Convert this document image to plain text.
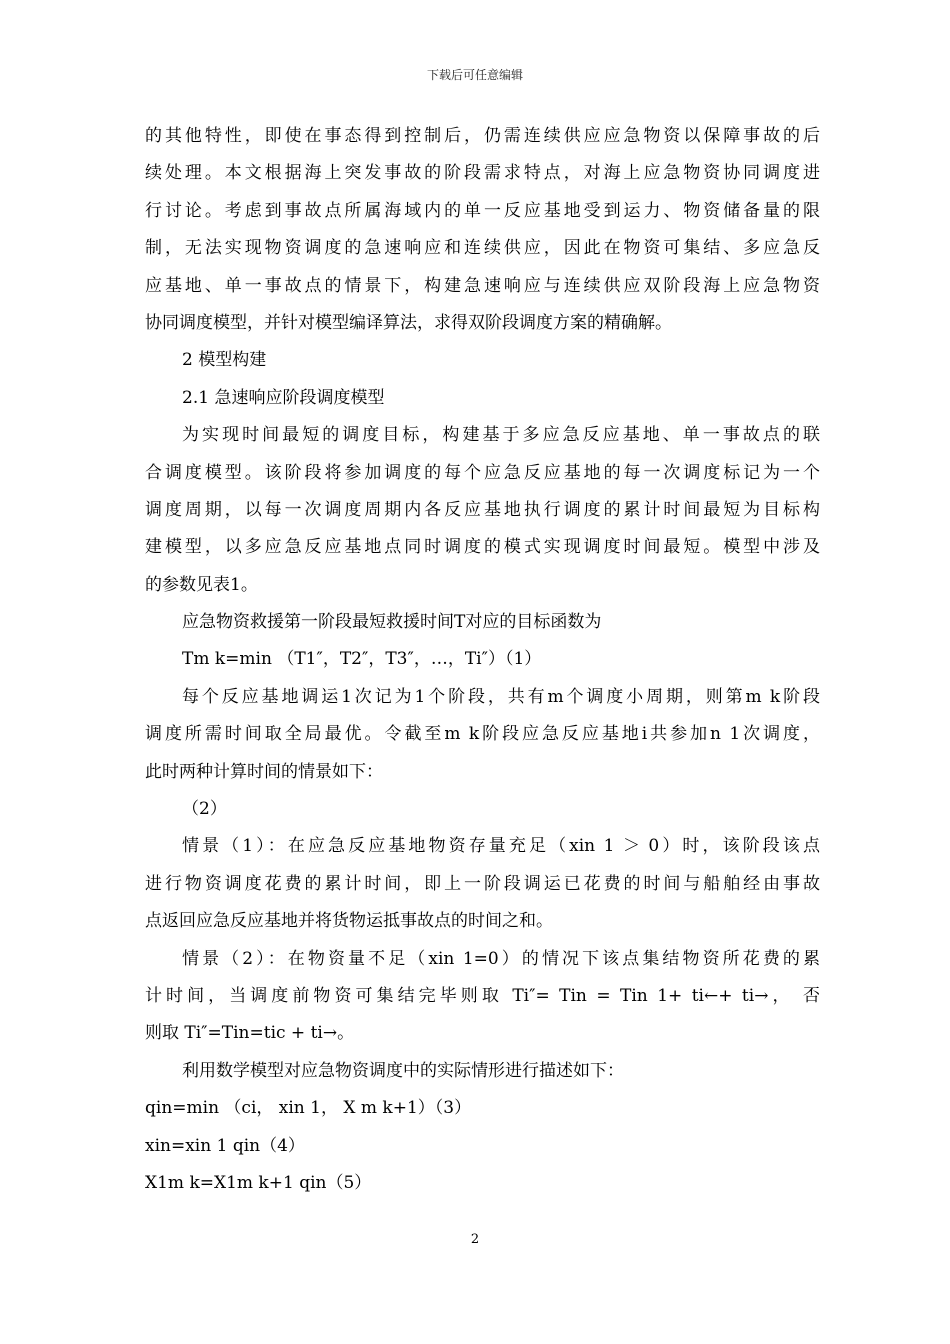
下载后可任意编辑
的其他特性，即使在事态得到控制后，仍需连续供应应急物资以保障事故的后
续处理。本文根据海上突发事故的阶段需求特点，对海上应急物资协同调度进
行讨论。考虑到事故点所属海域内的单一反应基地受到运力、物资储备量的限
制，无法实现物资调度的急速响应和连续供应，因此在物资可集结、多应急反
应基地、单一事故点的情景下，构建急速响应与连续供应双阶段海上应急物资
协同调度模型，并针对模型编译算法，求得双阶段调度方案的精确解。
2 模型构建
2.1 急速响应阶段调度模型
为实现时间最短的调度目标，构建基于多应急反应基地、单一事故点的联
合调度模型。该阶段将参加调度的每个应急反应基地的每一次调度标记为一个
调度周期，以每一次调度周期内各反应基地执行调度的累计时间最短为目标构
建模型，以多应急反应基地点同时调度的模式实现调度时间最短。模型中涉及
的参数见表1。
应急物资救援第一阶段最短救援时间T对应的目标函数为
Tm k=min （T1″，T2″，T3″，…，Ti″）（1）
每个反应基地调运1次记为1个阶段，共有m个调度小周期，则第m k阶段
调度所需时间取全局最优。令截至m k阶段应急反应基地i共参加n 1次调度，
此时两种计算时间的情景如下：
（2）
情景（1）：在应急反应基地物资存量充足（xin 1 ＞ 0）时，该阶段该点
进行物资调度花费的累计时间，即上一阶段调运已花费的时间与船舶经由事故
点返回应急反应基地并将货物运抵事故点的时间之和。
情景（2）：在物资量不足（xin 1=0）的情况下该点集结物资所花费的累
计时间，当调度前物资可集结完毕则取 Ti″= Tin = Tin 1+ ti←+ ti→， 否
则取 Ti″=Tin=tic + ti→。
利用数学模型对应急物资调度中的实际情形进行描述如下：
qin=min （ci， xin 1， X m k+1）（3）
xin=xin 1 qin（4）
X1m k=X1m k+1 qin（5）
2
